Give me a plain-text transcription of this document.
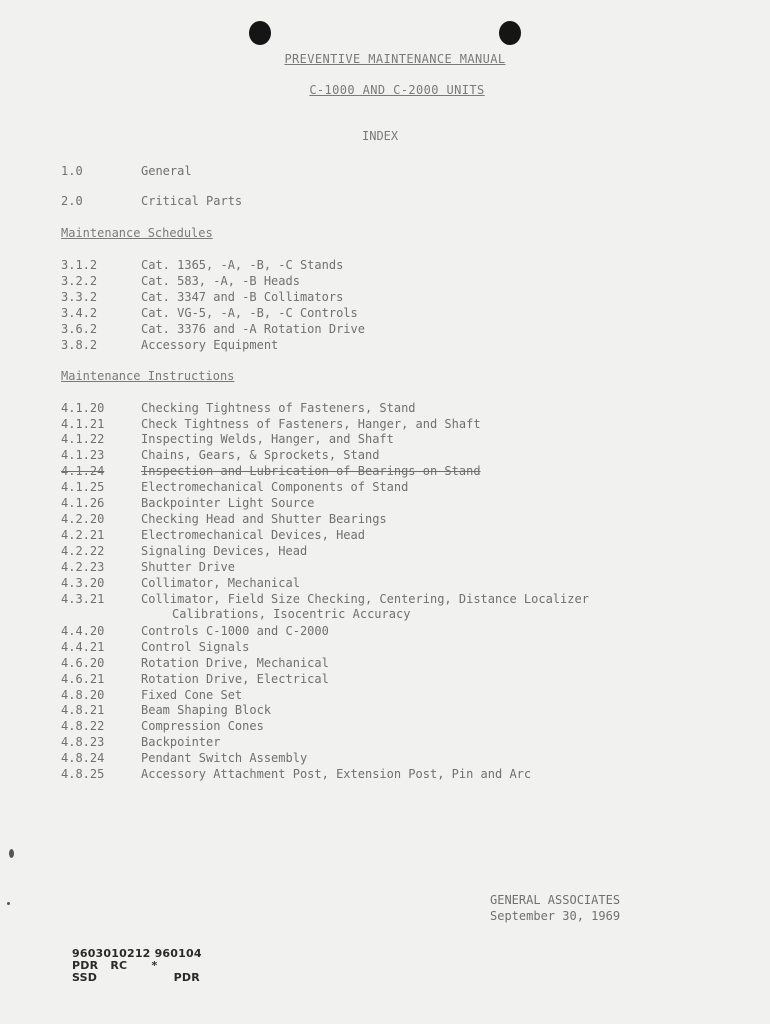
PREVENTIVE MAINTENANCE MANUAL
C-1000 AND C-2000 UNITS
INDEX
1.0	General
2.0	Critical Parts
Maintenance Schedules
3.1.2	Cat. 1365, -A, -B, -C Stands
3.2.2	Cat. 583, -A, -B Heads
3.3.2	Cat. 3347 and -B Collimators
3.4.2	Cat. VG-5, -A, -B, -C Controls
3.6.2	Cat. 3376 and -A Rotation Drive
3.8.2	Accessory Equipment
Maintenance Instructions
4.1.20	Checking Tightness of Fasteners, Stand
4.1.21	Check Tightness of Fasteners, Hanger, and Shaft
4.1.22	Inspecting Welds, Hanger, and Shaft
4.1.23	Chains, Gears, & Sprockets, Stand
4.1.24	Inspection and Lubrication of Bearings on Stand
4.1.25	Electromechanical Components of Stand
4.1.26	Backpointer Light Source
4.2.20	Checking Head and Shutter Bearings
4.2.21	Electromechanical Devices, Head
4.2.22	Signaling Devices, Head
4.2.23	Shutter Drive
4.3.20	Collimator, Mechanical
4.3.21	Collimator, Field Size Checking, Centering, Distance Localizer
Calibrations, Isocentric Accuracy
4.4.20	Controls C-1000 and C-2000
4.4.21	Control Signals
4.6.20	Rotation Drive, Mechanical
4.6.21	Rotation Drive, Electrical
4.8.20	Fixed Cone Set
4.8.21	Beam Shaping Block
4.8.22	Compression Cones
4.8.23	Backpointer
4.8.24	Pendant Switch Assembly
4.8.25	Accessory Attachment Post, Extension Post, Pin and Arc
GENERAL ASSOCIATES
September 30, 1969
9603010212 960104
PDR   RC      *
SSD                   PDR
